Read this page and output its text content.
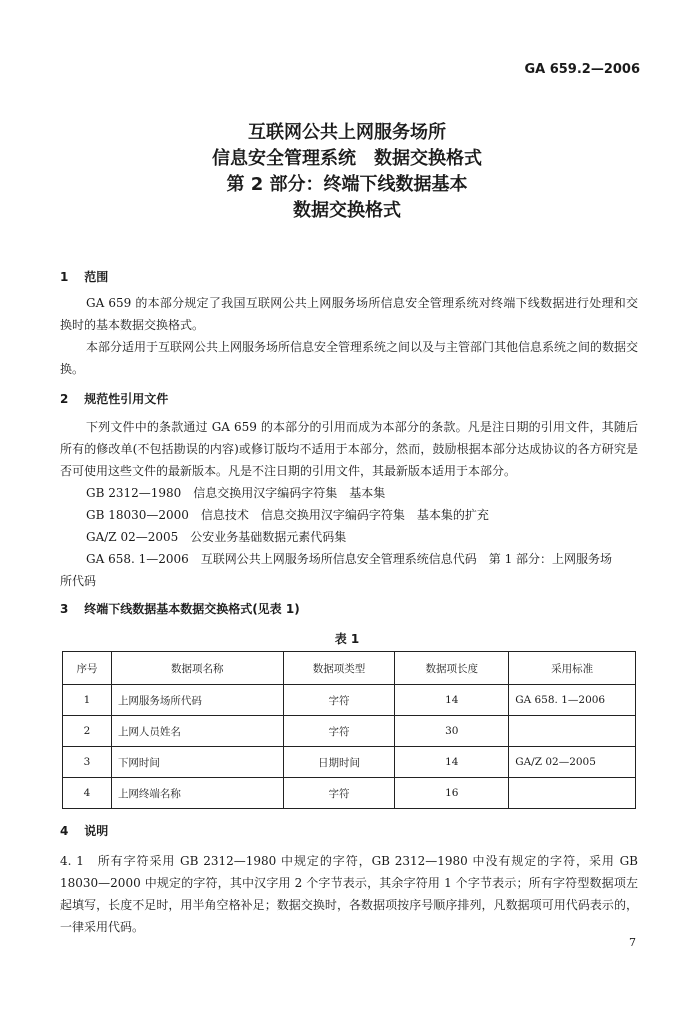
GA 659.2—2006
互联网公共上网服务场所
信息安全管理系统　数据交换格式
第 2 部分：终端下线数据基本
数据交换格式
1 范围

GA 659 的本部分规定了我国互联网公共上网服务场所信息安全管理系统对终端下线数据进行处理和交换时的基本数据交换格式。

本部分适用于互联网公共上网服务场所信息安全管理系统之间以及与主管部门其他信息系统之间的数据交换。

2 规范性引用文件

下列文件中的条款通过 GA 659 的本部分的引用而成为本部分的条款。凡是注日期的引用文件，其随后所有的修改单(不包括勘误的内容)或修订版均不适用于本部分，然而，鼓励根据本部分达成协议的各方研究是否可使用这些文件的最新版本。凡是不注日期的引用文件，其最新版本适用于本部分。

GB 2312—1980　信息交换用汉字编码字符集　基本集
GB 18030—2000　信息技术　信息交换用汉字编码字符集　基本集的扩充
GA/Z 02—2005　公安业务基础数据元素代码集
GA 658. 1—2006　互联网公共上网服务场所信息安全管理系统信息代码　第 1 部分：上网服务场
所代码
3 终端下线数据基本数据交换格式(见表 1)
表 1
序号	数据项名称	数据项类型	数据项长度	采用标准
1	上网服务场所代码	字符	14	GA 658. 1—2006
2	上网人员姓名	字符	30	
3	下网时间	日期时间	14	GA/Z 02—2005
4	上网终端名称	字符	16	
4 说明

4. 1　所有字符采用 GB 2312—1980 中规定的字符，GB 2312—1980 中没有规定的字符，采用 GB 18030—2000 中规定的字符，其中汉字用 2 个字节表示，其余字符用 1 个字节表示；所有字符型数据项左起填写，长度不足时，用半角空格补足；数据交换时，各数据项按序号顺序排列，凡数据项可用代码表示的，一律采用代码。

7
